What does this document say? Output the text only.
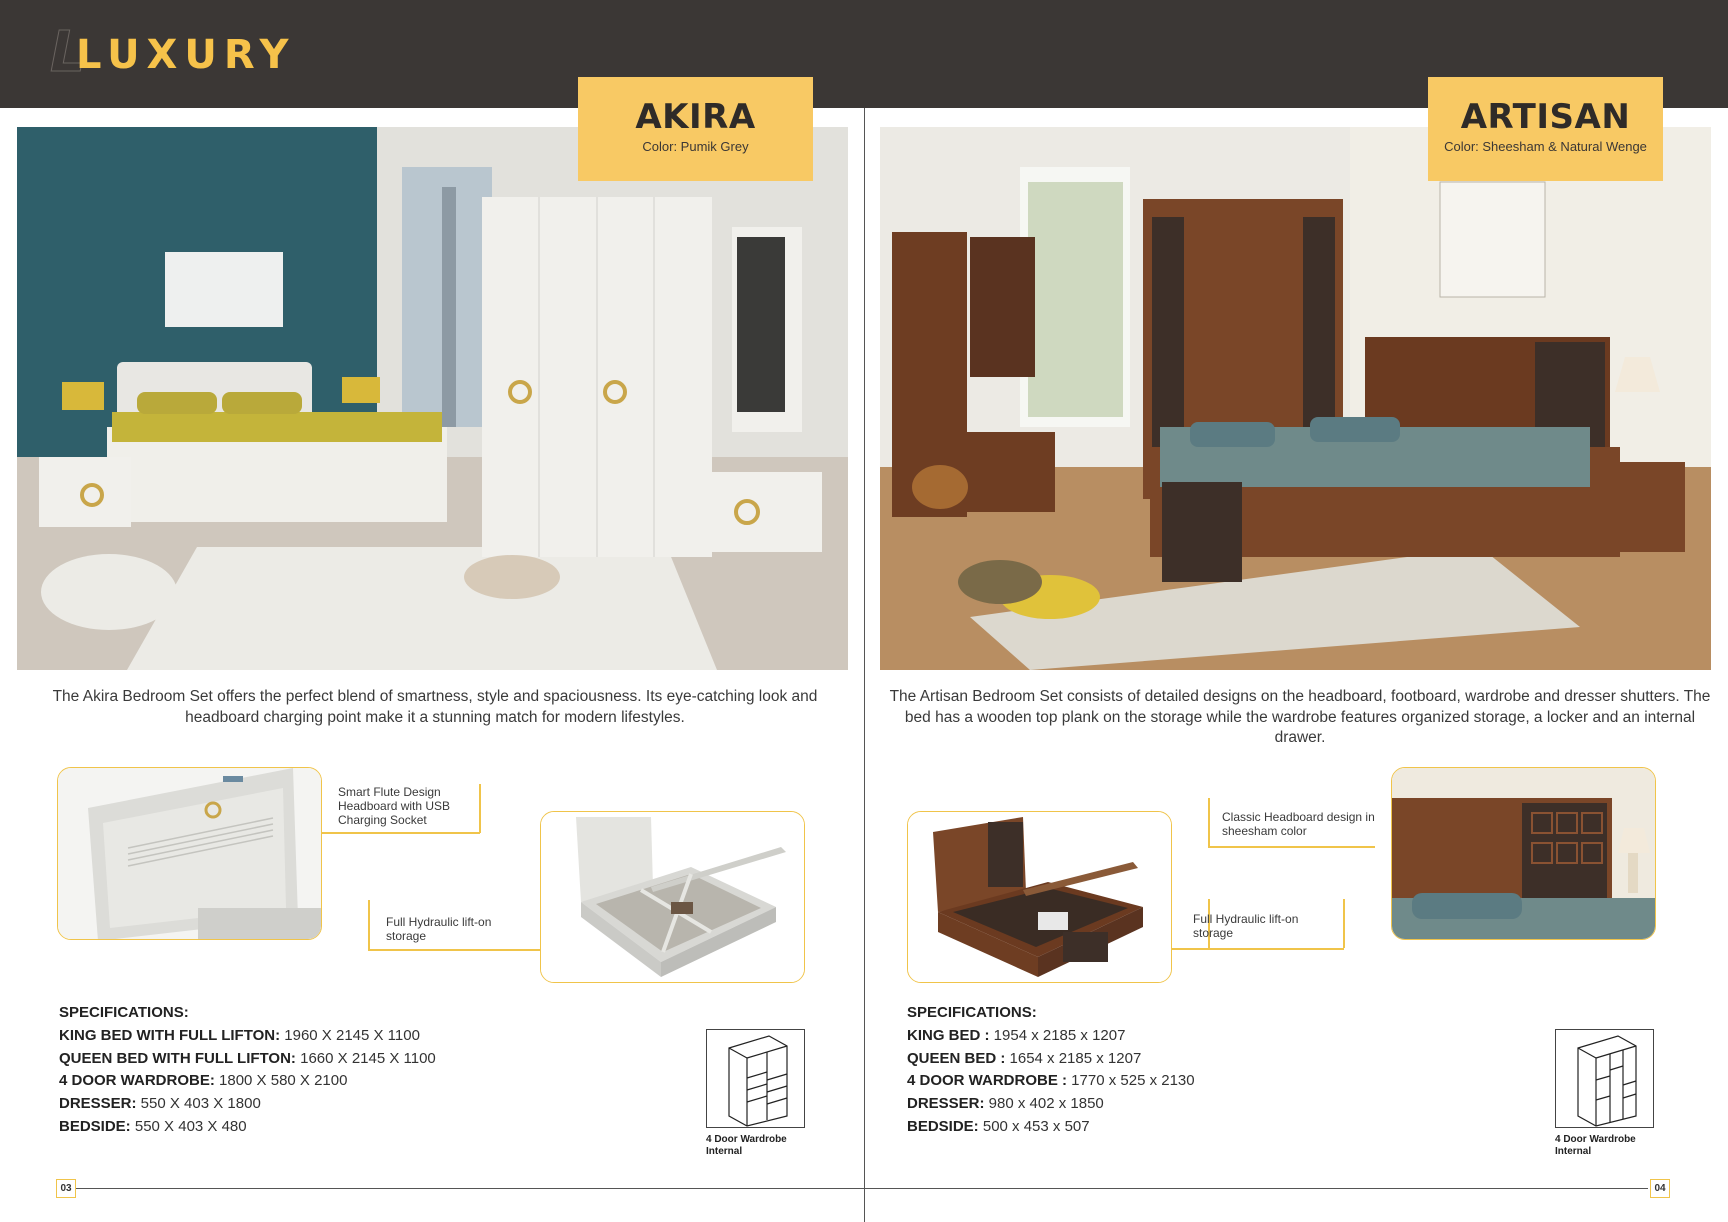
L
LUXURY
AKIRA
Color: Pumik Grey
The Akira Bedroom Set offers the perfect blend of smartness, style and spaciousness. Its eye-catching look and headboard charging point make it a stunning match for modern lifestyles.
Smart Flute Design Headboard with USB Charging Socket
Full Hydraulic lift-on storage
SPECIFICATIONS:
KING BED WITH FULL LIFTON: 1960 X 2145 X 1100
QUEEN BED WITH FULL LIFTON: 1660 X 2145 X 1100
4 DOOR WARDROBE: 1800 X 580 X 2100
DRESSER: 550 X 403 X 1800
BEDSIDE: 550 X 403 X 480
4 Door Wardrobe Internal
03
ARTISAN
Color: Sheesham & Natural Wenge
The Artisan Bedroom Set consists of detailed designs on the headboard, footboard, wardrobe and dresser shutters. The bed has a wooden top plank on the storage while the wardrobe features organized storage, a locker and an internal drawer.
Full Hydraulic lift-on storage
Classic Headboard design in sheesham color
SPECIFICATIONS:
KING BED : 1954 x 2185 x 1207
QUEEN BED : 1654 x 2185 x 1207
4 DOOR WARDROBE : 1770 x 525 x 2130
DRESSER: 980 x 402 x 1850
BEDSIDE: 500 x 453 x 507
4 Door Wardrobe Internal
04
